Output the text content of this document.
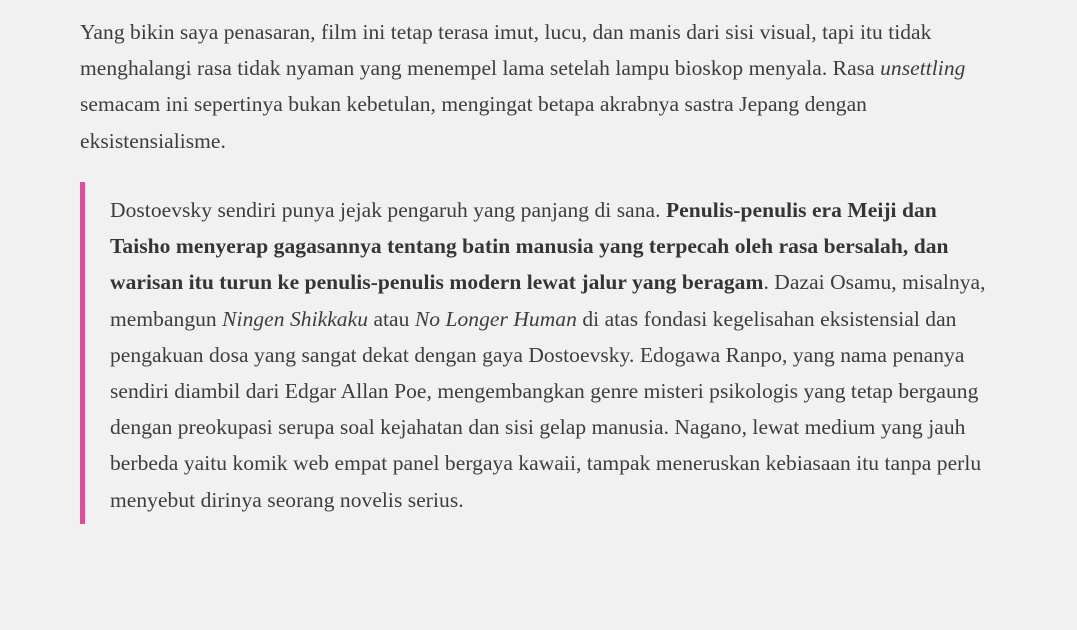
Yang bikin saya penasaran, film ini tetap terasa imut, lucu, dan manis dari sisi visual, tapi itu tidak menghalangi rasa tidak nyaman yang menempel lama setelah lampu bioskop menyala. Rasa unsettling semacam ini sepertinya bukan kebetulan, mengingat betapa akrabnya sastra Jepang dengan eksistensialisme.

Dostoevsky sendiri punya jejak pengaruh yang panjang di sana. Penulis-penulis era Meiji dan Taisho menyerap gagasannya tentang batin manusia yang terpecah oleh rasa bersalah, dan warisan itu turun ke penulis-penulis modern lewat jalur yang beragam. Dazai Osamu, misalnya, membangun Ningen Shikkaku atau No Longer Human di atas fondasi kegelisahan eksistensial dan pengakuan dosa yang sangat dekat dengan gaya Dostoevsky. Edogawa Ranpo, yang nama penanya sendiri diambil dari Edgar Allan Poe, mengembangkan genre misteri psikologis yang tetap bergaung dengan preokupasi serupa soal kejahatan dan sisi gelap manusia. Nagano, lewat medium yang jauh berbeda yaitu komik web empat panel bergaya kawaii, tampak meneruskan kebiasaan itu tanpa perlu menyebut dirinya seorang novelis serius.
